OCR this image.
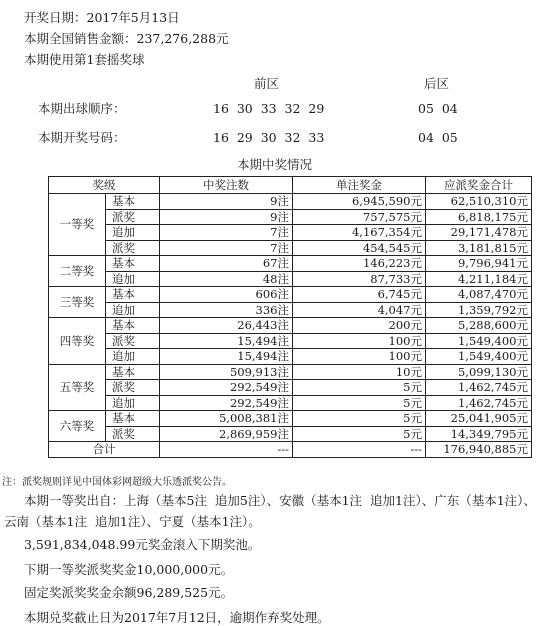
开奖日期：2017年5月13日
本期全国销售金额：237,276,288元
本期使用第1套摇奖球
前区	后区
本期出球顺序：	16  30  33  32  29	05  04
本期开奖号码：	16  29  30  32  33	04  05
本期中奖情况
奖级		中奖注数	单注奖金	应派奖金合计
一等奖	基本	9注	6,945,590元	62,510,310元
	派奖	9注	757,575元	6,818,175元
	追加	7注	4,167,354元	29,171,478元
	派奖	7注	454,545元	3,181,815元
二等奖	基本	67注	146,223元	9,796,941元
	追加	48注	87,733元	4,211,184元
三等奖	基本	606注	6,745元	4,087,470元
	追加	336注	4,047元	1,359,792元
四等奖	基本	26,443注	200元	5,288,600元
	派奖	15,494注	100元	1,549,400元
	追加	15,494注	100元	1,549,400元
五等奖	基本	509,913注	10元	5,099,130元
	派奖	292,549注	5元	1,462,745元
	追加	292,549注	5元	1,462,745元
六等奖	基本	5,008,381注	5元	25,041,905元
	派奖	2,869,959注	5元	14,349,795元
合计		---	---	176,940,885元
注：派奖规则详见中国体彩网超级大乐透派奖公告。
本期一等奖出自：上海（基本5注  追加5注）、安徽（基本1注  追加1注）、广东（基本1注）、
云南（基本1注  追加1注）、宁夏（基本1注）。
3,591,834,048.99元奖金滚入下期奖池。
下期一等奖派奖奖金10,000,000元。
固定奖派奖奖金余额96,289,525元。
本期兑奖截止日为2017年7月12日，逾期作弃奖处理。
